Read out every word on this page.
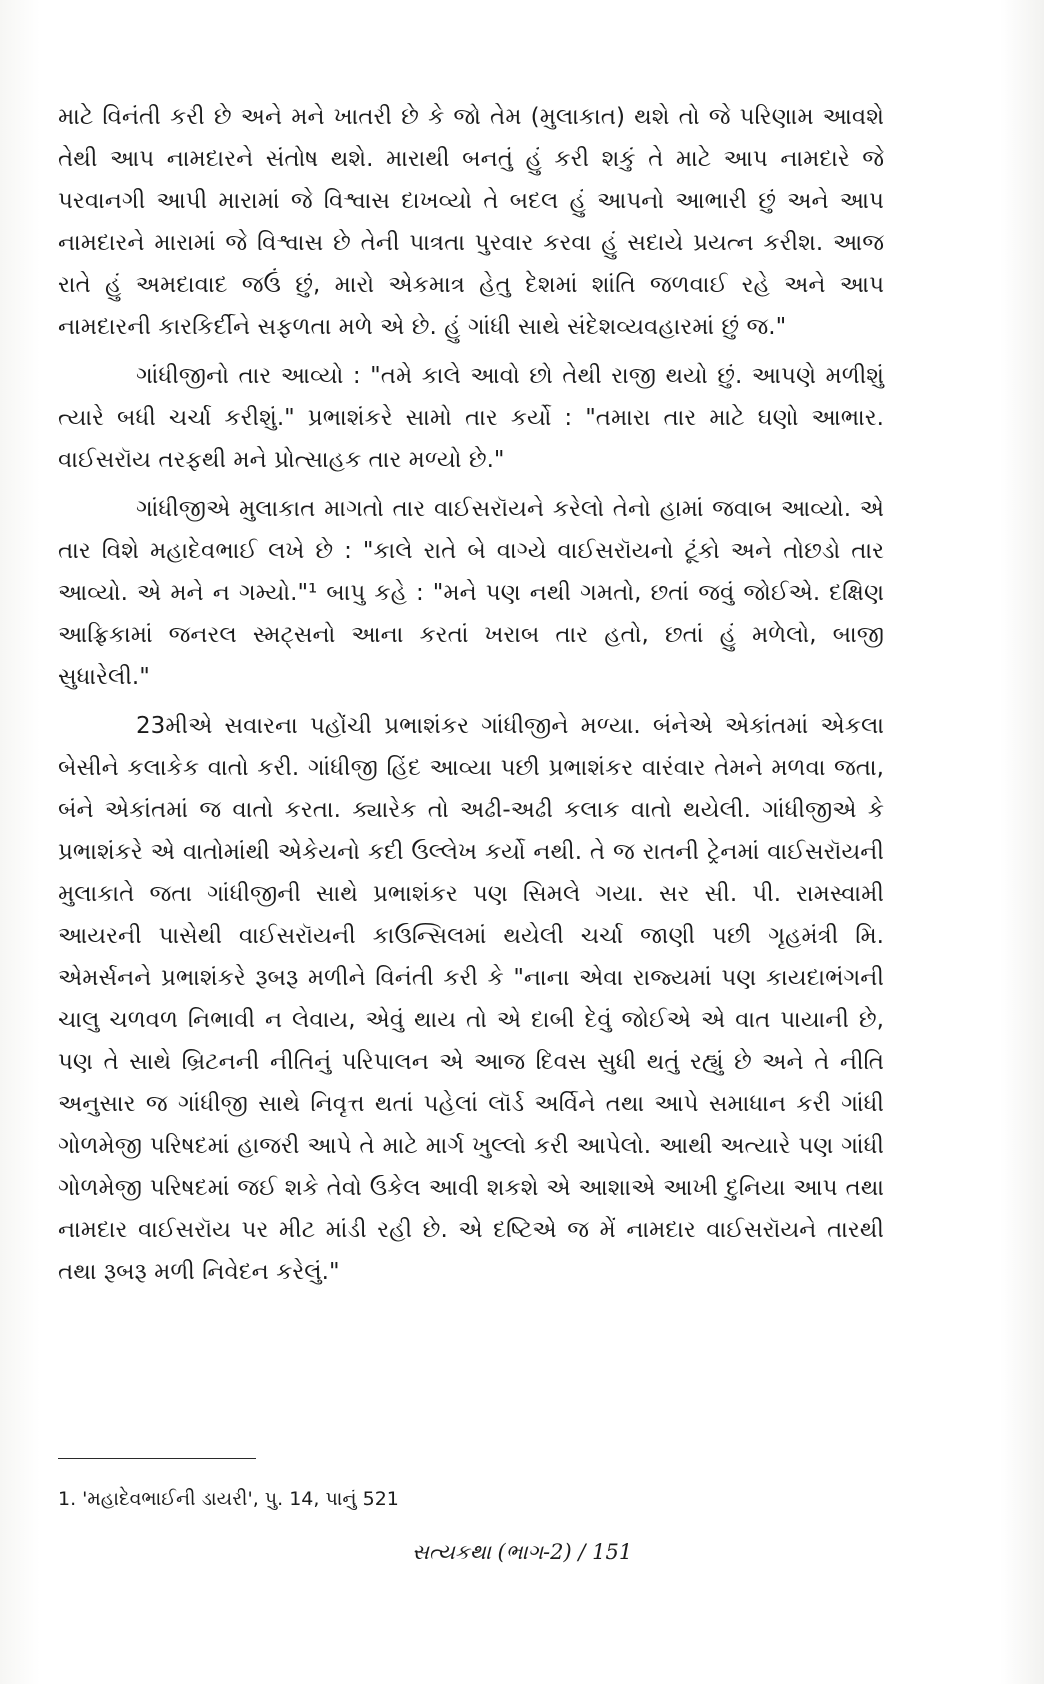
માટે વિનંતી કરી છે અને મને ખાતરી છે કે જો તેમ (મુલાકાત) થશે તો જે પરિણામ આવશે તેથી આપ નામદારને સંતોષ થશે. મારાથી બનતું હું કરી શકું તે માટે આપ નામદારે જે પરવાનગી આપી મારામાં જે વિશ્વાસ દાખવ્યો તે બદલ હું આપનો આભારી છું અને આપ નામદારને મારામાં જે વિશ્વાસ છે તેની પાત્રતા પુરવાર કરવા હું સદાયે પ્રયત્ન કરીશ. આજ રાતે હું અમદાવાદ જઉં છું, મારો એકમાત્ર હેતુ દેશમાં શાંતિ જળવાઈ રહે અને આપ નામદારની કારકિર્દીને સફળતા મળે એ છે. હું ગાંધી સાથે સંદેશવ્યવહારમાં છું જ."

ગાંધીજીનો તાર આવ્યો : "તમે કાલે આવો છો તેથી રાજી થયો છું. આપણે મળીશું ત્યારે બધી ચર્ચા કરીશું." પ્રભાશંકરે સામો તાર કર્યો : "તમારા તાર માટે ઘણો આભાર. વાઈસરૉય તરફથી મને પ્રોત્સાહક તાર મળ્યો છે."

ગાંધીજીએ મુલાકાત માગતો તાર વાઈસરૉયને કરેલો તેનો હામાં જવાબ આવ્યો. એ તાર વિશે મહાદેવભાઈ લખે છે : "કાલે રાતે બે વાગ્યે વાઈસરૉયનો ટૂંકો અને તોછડો તાર આવ્યો. એ મને ન ગમ્યો."¹ બાપુ કહે : "મને પણ નથી ગમતો, છતાં જવું જોઈએ. દક્ષિણ આફ્રિકામાં જનરલ સ્મટ્સનો આના કરતાં ખરાબ તાર હતો, છતાં હું મળેલો, બાજી સુધારેલી."

23મીએ સવારના પહોંચી પ્રભાશંકર ગાંધીજીને મળ્યા. બંનેએ એકાંતમાં એકલા બેસીને કલાકેક વાતો કરી. ગાંધીજી હિંદ આવ્યા પછી પ્રભાશંકર વારંવાર તેમને મળવા જતા, બંને એકાંતમાં જ વાતો કરતા. ક્યારેક તો અઢી-અઢી કલાક વાતો થયેલી. ગાંધીજીએ કે પ્રભાશંકરે એ વાતોમાંથી એકેયનો કદી ઉલ્લેખ કર્યો નથી. તે જ રાતની ટ્રેનમાં વાઈસરૉયની મુલાકાતે જતા ગાંધીજીની સાથે પ્રભાશંકર પણ સિમલે ગયા. સર સી. પી. રામસ્વામી આયરની પાસેથી વાઈસરૉયની કાઉન્સિલમાં થયેલી ચર્ચા જાણી પછી ગૃહમંત્રી મિ. એમર્સનને પ્રભાશંકરે રૂબરૂ મળીને વિનંતી કરી કે "નાના એવા રાજ્યમાં પણ કાયદાભંગની ચાલુ ચળવળ નિભાવી ન લેવાય, એવું થાય તો એ દાબી દેવું જોઈએ એ વાત પાયાની છે, પણ તે સાથે બ્રિટનની નીતિનું પરિપાલન એ આજ દિવસ સુધી થતું રહ્યું છે અને તે નીતિ અનુસાર જ ગાંધીજી સાથે નિવૃત્ત થતાં પહેલાં લૉર્ડ અર્વિને તથા આપે સમાધાન કરી ગાંધી ગોળમેજી પરિષદમાં હાજરી આપે તે માટે માર્ગ ખુલ્લો કરી આપેલો. આથી અત્યારે પણ ગાંધી ગોળમેજી પરિષદમાં જઈ શકે તેવો ઉકેલ આવી શકશે એ આશાએ આખી દુનિયા આપ તથા નામદાર વાઈસરૉય પર મીટ માંડી રહી છે. એ દષ્ટિએ જ મેં નામદાર વાઈસરૉયને તારથી તથા રૂબરૂ મળી નિવેદન કરેલું."

1. 'મહાદેવભાઈની ડાયરી', પુ. 14, પાનું 521
સત્યકથા (ભાગ-2) / 151
